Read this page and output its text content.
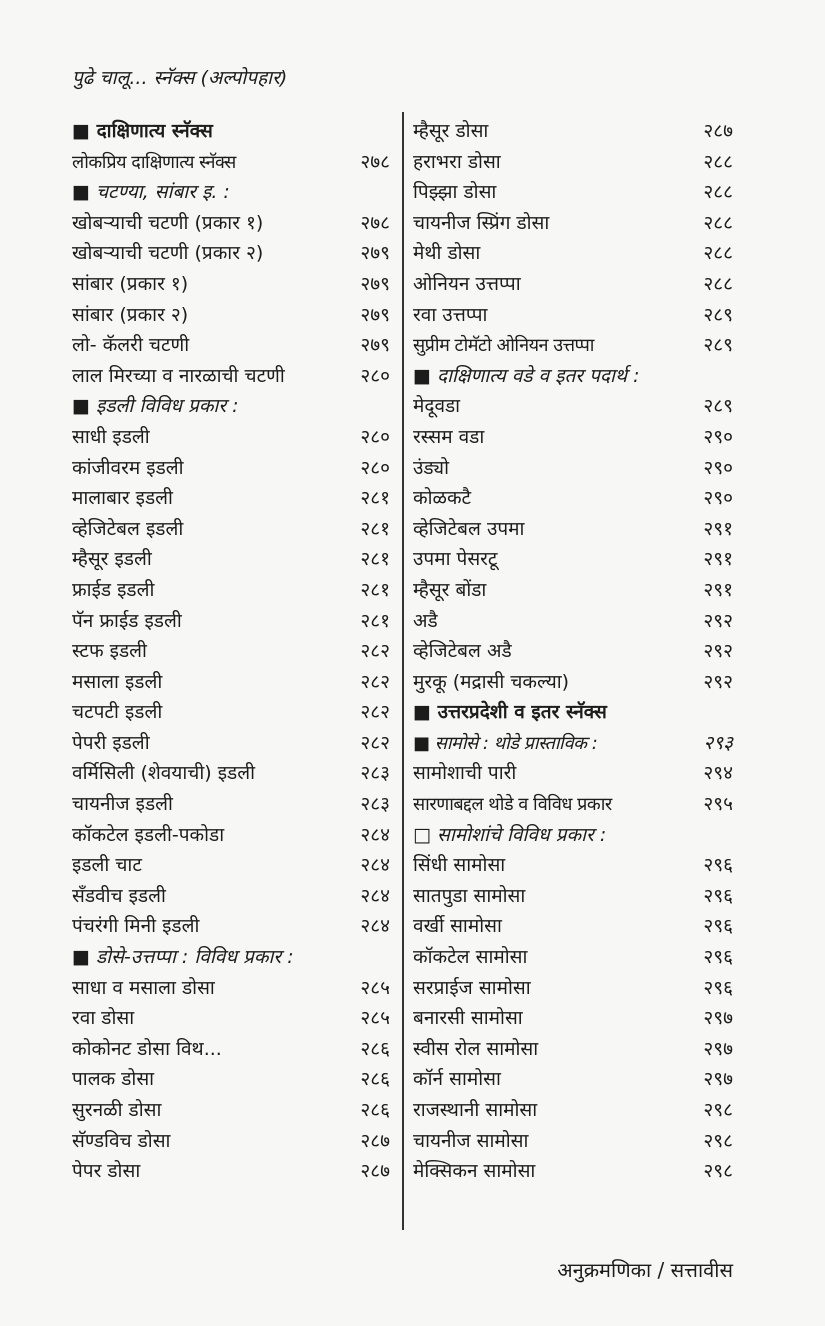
पुढे चालू... स्‍नॅक्स (अल्पोपहार)
■ दाक्षिणात्य स्‍नॅक्स
लोकप्रिय दाक्षिणात्य स्‍नॅक्स	२७८
■ चटण्या, सांबार इ. :
खोबऱ्याची चटणी (प्रकार १)	२७८
खोबऱ्याची चटणी (प्रकार २)	२७९
सांबार (प्रकार १)	२७९
सांबार (प्रकार २)	२७९
लो- कॅलरी चटणी	२७९
लाल मिरच्या व नारळाची चटणी	२८०
■ इडली विविध प्रकार :
साधी इडली	२८०
कांजीवरम इडली	२८०
मालाबार इडली	२८१
व्हेजिटेबल इडली	२८१
म्हैसूर इडली	२८१
फ्राईड इडली	२८१
पॅन फ्राईड इडली	२८१
स्टफ इडली	२८२
मसाला इडली	२८२
चटपटी इडली	२८२
पेपरी इडली	२८२
वर्मिसिली (शेवयाची) इडली	२८३
चायनीज इडली	२८३
कॉकटेल इडली-पकोडा	२८४
इडली चाट	२८४
सँडवीच इडली	२८४
पंचरंगी मिनी इडली	२८४
■ डोसे-उत्तप्पा : विविध प्रकार :
साधा व मसाला डोसा	२८५
रवा डोसा	२८५
कोकोनट डोसा विथ...	२८६
पालक डोसा	२८६
सुरनळी डोसा	२८६
सॅण्डविच डोसा	२८७
पेपर डोसा	२८७
म्हैसूर डोसा	२८७
हराभरा डोसा	२८८
पिझ्झा डोसा	२८८
चायनीज स्प्रिंग डोसा	२८८
मेथी डोसा	२८८
ओनियन उत्तप्पा	२८८
रवा उत्तप्पा	२८९
सुप्रीम टोमॅटो ओनियन उत्तप्पा	२८९
■ दाक्षिणात्य वडे व इतर पदार्थ :
मेदूवडा	२८९
रस्सम वडा	२९०
उंड्यो	२९०
कोळकटै	२९०
व्हेजिटेबल उपमा	२९१
उपमा पेसरटू	२९१
म्हैसूर बोंडा	२९१
अडै	२९२
व्हेजिटेबल अडै	२९२
मुरकू (मद्रासी चकल्या)	२९२
■ उत्तरप्रदेशी व इतर स्‍नॅक्स
■ सामोसे : थोडे प्रास्ताविक :	२९३
सामोशाची पारी	२९४
सारणाबद्दल थोडे व विविध प्रकार	२९५
□ सामोशांचे विविध प्रकार :
सिंधी सामोसा	२९६
सातपुडा सामोसा	२९६
वर्खी सामोसा	२९६
कॉकटेल सामोसा	२९६
सरप्राईज सामोसा	२९६
बनारसी सामोसा	२९७
स्वीस रोल सामोसा	२९७
कॉर्न सामोसा	२९७
राजस्थानी सामोसा	२९८
चायनीज सामोसा	२९८
मेक्सिकन सामोसा	२९८
अनुक्रमणिका / सत्तावीस
